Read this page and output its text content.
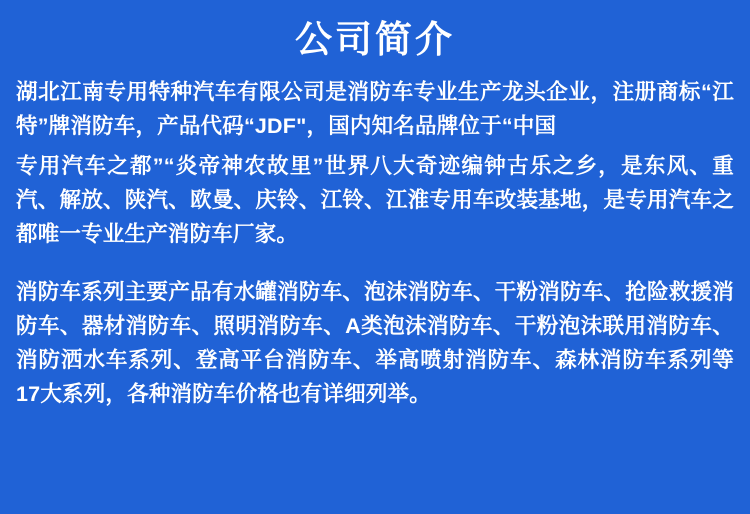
公司简介

湖北江南专用特种汽车有限公司是消防车专业生产龙头企业，注册商标“江特”牌消防车，产品代码“JDF"，国内知名品牌位于“中国

专用汽车之都”“炎帝神农故里”世界八大奇迹编钟古乐之乡，是东风、重汽、解放、陕汽、欧曼、庆铃、江铃、江淮专用车改装基地，是专用汽车之都唯一专业生产消防车厂家。

消防车系列主要产品有水罐消防车、泡沫消防车、干粉消防车、抢险救援消防车、器材消防车、照明消防车、A类泡沫消防车、干粉泡沫联用消防车、消防洒水车系列、登高平台消防车、举高喷射消防车、森林消防车系列等17大系列，各种消防车价格也有详细列举。
